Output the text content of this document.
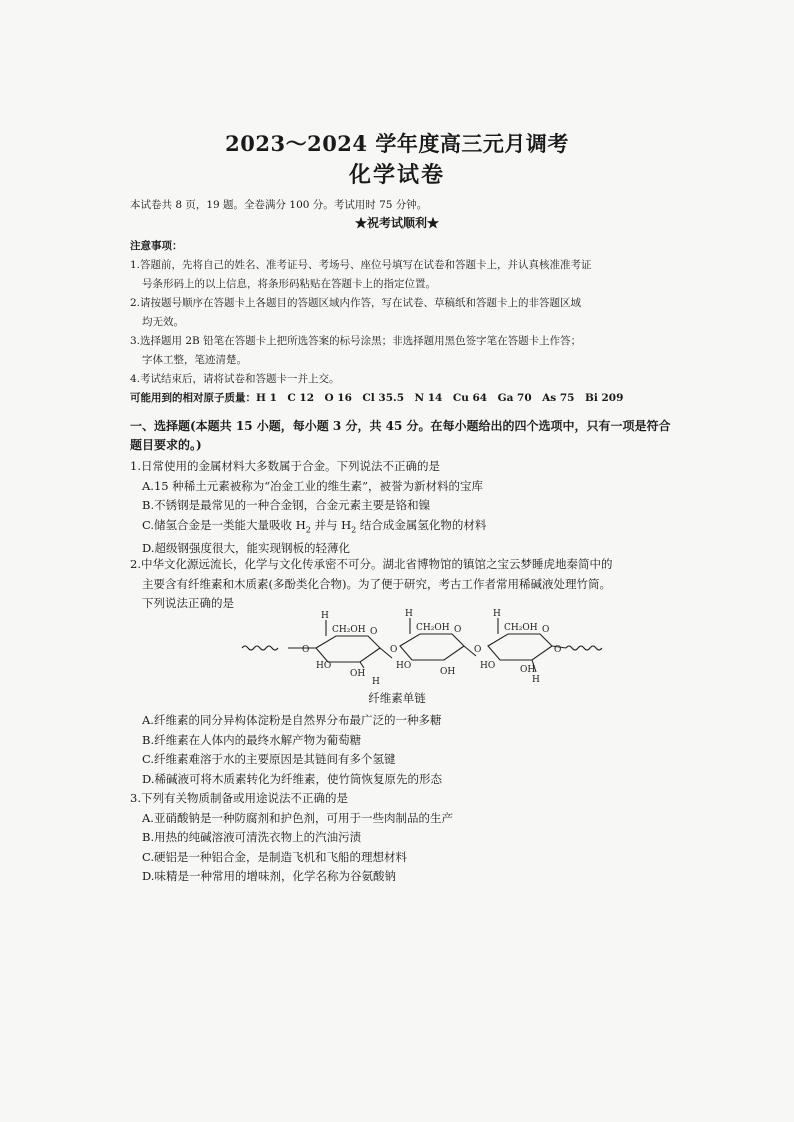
2023～2024 学年度高三元月调考
化学试卷
本试卷共 8 页，19 题。全卷满分 100 分。考试用时 75 分钟。
★祝考试顺利★

注意事项：

1.答题前，先将自己的姓名、准考证号、考场号、座位号填写在试卷和答题卡上，并认真核准准考证

号条形码上的以上信息，将条形码粘贴在答题卡上的指定位置。

2.请按题号顺序在答题卡上各题目的答题区域内作答，写在试卷、草稿纸和答题卡上的非答题区域

均无效。

3.选择题用 2B 铅笔在答题卡上把所选答案的标号涂黑；非选择题用黑色签字笔在答题卡上作答；

字体工整，笔迹清楚。

4.考试结束后，请将试卷和答题卡一并上交。

可能用到的相对原子质量：H 1　C 12　O 16　Cl 35.5　N 14　Cu 64　Ga 70　As 75　Bi 209

一、选择题(本题共 15 小题，每小题 3 分，共 45 分。在每小题给出的四个选项中，只有一项是符合
题目要求的。)

1.日常使用的金属材料大多数属于合金。下列说法不正确的是

A.15 种稀土元素被称为“冶金工业的维生素”，被誉为新材料的宝库

B.不锈钢是最常见的一种合金钢，合金元素主要是铬和镍

C.储氢合金是一类能大量吸收 $H_2$ 并与 $H_2$ 结合成金属氢化物的材料

D.超级钢强度很大，能实现钢板的轻薄化

2.中华文化源远流长，化学与文化传承密不可分。湖北省博物馆的镇馆之宝云梦睡虎地秦简中的

主要含有纤维素和木质素(多酚类化合物)。为了便于研究，考古工作者常用稀碱液处理竹筒。

下列说法正确的是

H
CH₂OH O
O
HO
OH
H
O
H
CH₂OH O
HO
OH
O
H
CH₂OH O
HO	OH
H
O
纤维素单链

A.纤维素的同分异构体淀粉是自然界分布最广泛的一种多糖

B.纤维素在人体内的最终水解产物为葡萄糖

C.纤维素难溶于水的主要原因是其链间有多个氢键

D.稀碱液可将木质素转化为纤维素，使竹筒恢复原先的形态

3.下列有关物质制备或用途说法不正确的是

A.亚硝酸钠是一种防腐剂和护色剂，可用于一些肉制品的生产

B.用热的纯碱溶液可清洗衣物上的汽油污渍

C.硬铝是一种铝合金，是制造飞机和飞船的理想材料

D.味精是一种常用的增味剂，化学名称为谷氨酸钠
